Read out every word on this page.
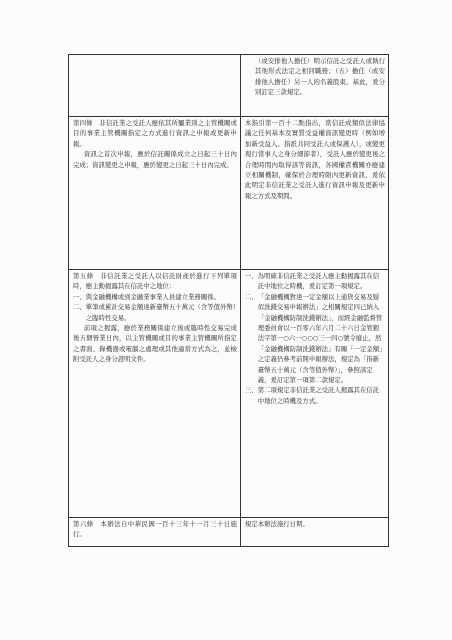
（或安排他人擔任）明示信託之受託人或執行其他形式法定之相同職務；（五）擔任（或安排他人擔任）另一人的名義股東。基此，爰分別訂定三款規定。

第四條　非信託業之受託人應依其所屬業別之主管機關或目的事業主管機關指定之方式進行資訊之申報或更新申報。

資訊之首次申報，應於信託關係成立之日起三十日內完成；資訊變更之申報，應於變更之日起三十日內完成。

本指引第一百十二點指出，當信託或類似法律協議之任何基本及實質受益權資訊變更時（例如增加新受益人、指派共同受託人或保護人），或變更現行當事人之身分細節者），受託人應於變更後之合理時間內取得該等資訊，各國權責機關亦應建立相關機制，確保於合理時限內更新資訊，爰依此明定非信託業之受託人進行資訊申報及更新申報之方式及期間。

第五條　非信託業之受託人以信託財產於進行下列單項時，應主動揭露其在信託中之地位：

一、 與金融機構或到金融業事業人員建立業務關係。
二、 單筆或累計交易金額達新臺幣五十萬元（含等值外幣）之臨時性交易。

前項之揭露，應於業務關係建立後或臨時性交易完成後五個營業日內，以主管機關或目的事業主管機關所指定之書面、錄機器或電腦之處理或其他適當方式為之，並檢附受託人之身分證明文件。

一、 為明確非信託業之受託人應主動揭露其在信託中地位之時機，爰訂定第一項規定。
二、 「金融機構對達一定金額以上通貨交易及疑似洗錢交易申報辦法」之相關規定四已納入「金融機構防制洗錢辦法」，而經金融監督管理委員會以一百零六年六月二十六日金管銀法字第一○六一○○○三一四○號令廢止，然「金融機構防制洗錢辦法」有關「一定金額」之定義仍參考前開申報辦法，規定為「指新臺幣五十萬元（含等值外幣）」，參照該定義，爰訂定第一項第二款規定。
三、 第二項規定非信託業之受託人揭露其在信託中地位之時機及方式。

第六條　本辦法自中華民國一百十三年十一月三十日施行。

規定本辦法施行日期。
